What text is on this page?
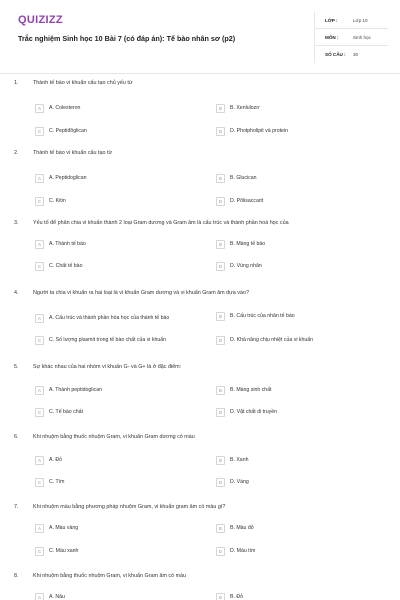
QUIZIZZ
Trắc nghiệm Sinh học 10 Bài 7 (có đáp án): Tế bào nhân sơ (p2)
LỚP :	Lớp 10
MÔN :	Sinh học
SỐ CÂU :	30
1.	Thành tế bào vi khuẩn cấu tạo chủ yếu từ
A	A. Colesteron	B	B. Xenlulozơ
C	C. Peptiđôglican	D	D. Photpholipit và protein
2.	Thành tế bào vi khuẩn cấu tạo từ
A	A. Peptidoglican	B	B. Glucican
C	C. Kitin	D	D. Pôlisaccarit
3.	Yếu tố để phân chia vi khuẩn thành 2 loại Gram dương và Gram âm là cấu trúc và thành phần hoá học của
A	A. Thành tế bào	B	B. Màng tế bào
C	C. Chất tế bào	D	D. Vùng nhân
4.	Người ta chia vi khuẩn ra hai loại là vi khuẩn Gram dương và vi khuẩn Gram âm dựa vào?
A	A. Cấu trúc và thành phần hóa học của thành tế bào	B	B. Cấu trúc của nhân tế bào
C	C. Số lượng plasmit trong tế bào chất của vi khuẩn	D	D. Khả năng chịu nhiệt của vi khuẩn
5.	Sự khác nhau của hai nhóm vi khuẩn G- và G+ là ở đặc điểm:
A	A. Thành peptidoglican	B	B. Màng sinh chất
C	C. Tế bào chất	D	D. Vật chất di truyền
6.	Khi nhuộm bằng thuốc nhuộm Gram, vi khuẩn Gram dương có màu
A	A. Đỏ	B	B. Xanh
C	C. Tím	D	D. Vàng
7.	Khi nhuộm màu bằng phương pháp nhuộm Gram, vi khuẩn gram âm có màu gì?
A	A. Màu vàng	B	B. Màu đỏ
C	C. Màu xanh	D	D. Màu tím
8.	Khi nhuộm bằng thuốc nhuộm Gram, vi khuẩn Gram âm có màu
A	A. Nâu	B	B. Đỏ
